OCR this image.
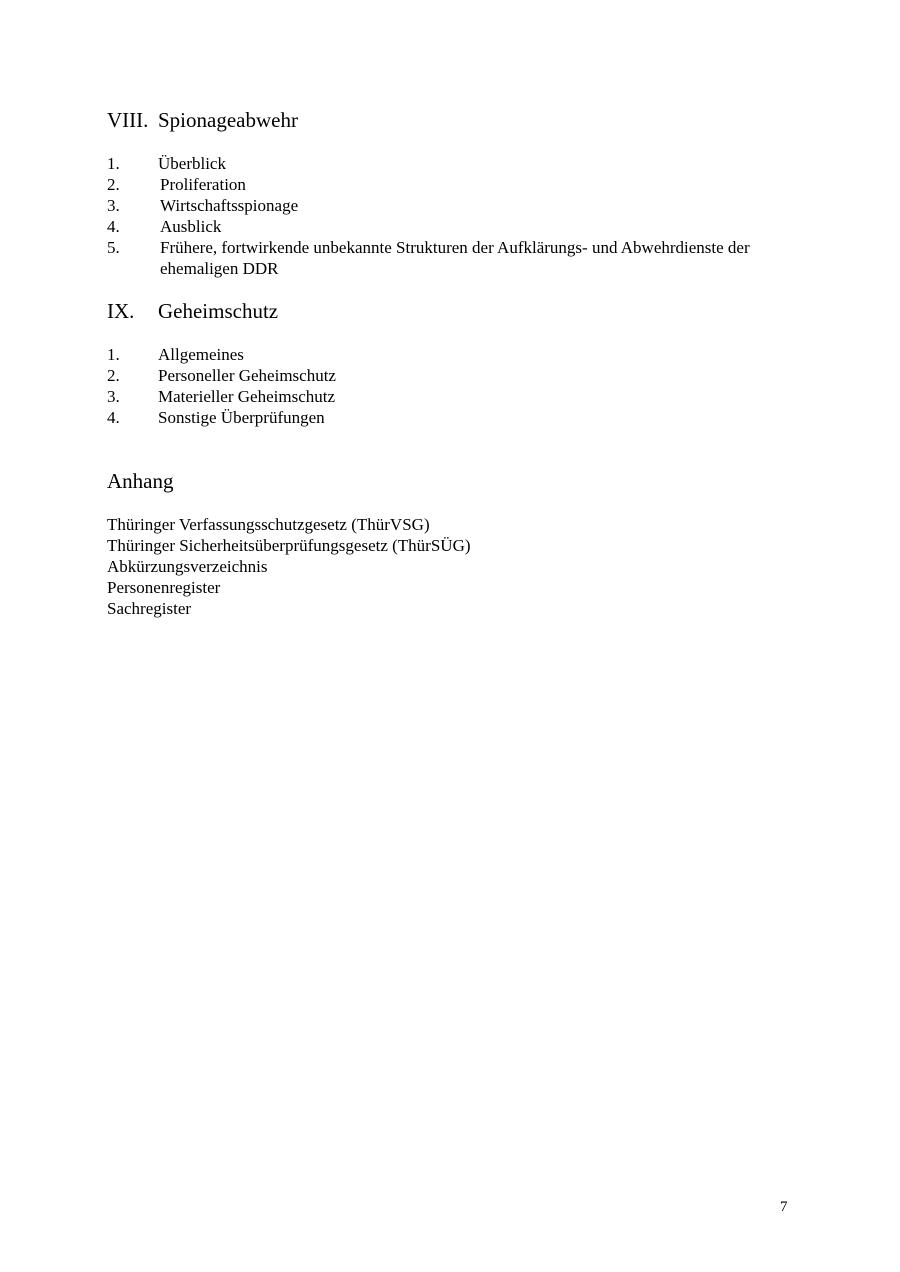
VIII. Spionageabwehr
1.	Überblick
2.	Proliferation
3.	Wirtschaftsspionage
4.	Ausblick
5.	Frühere, fortwirkende unbekannte Strukturen der Aufklärungs- und Abwehrdienste der ehemaligen DDR
IX. Geheimschutz
1.	Allgemeines
2.	Personeller Geheimschutz
3.	Materieller Geheimschutz
4.	Sonstige Überprüfungen
Anhang
Thüringer Verfassungsschutzgesetz (ThürVSG)
Thüringer Sicherheitsüberprüfungsgesetz (ThürSÜG)
Abkürzungsverzeichnis
Personenregister
Sachregister
7
